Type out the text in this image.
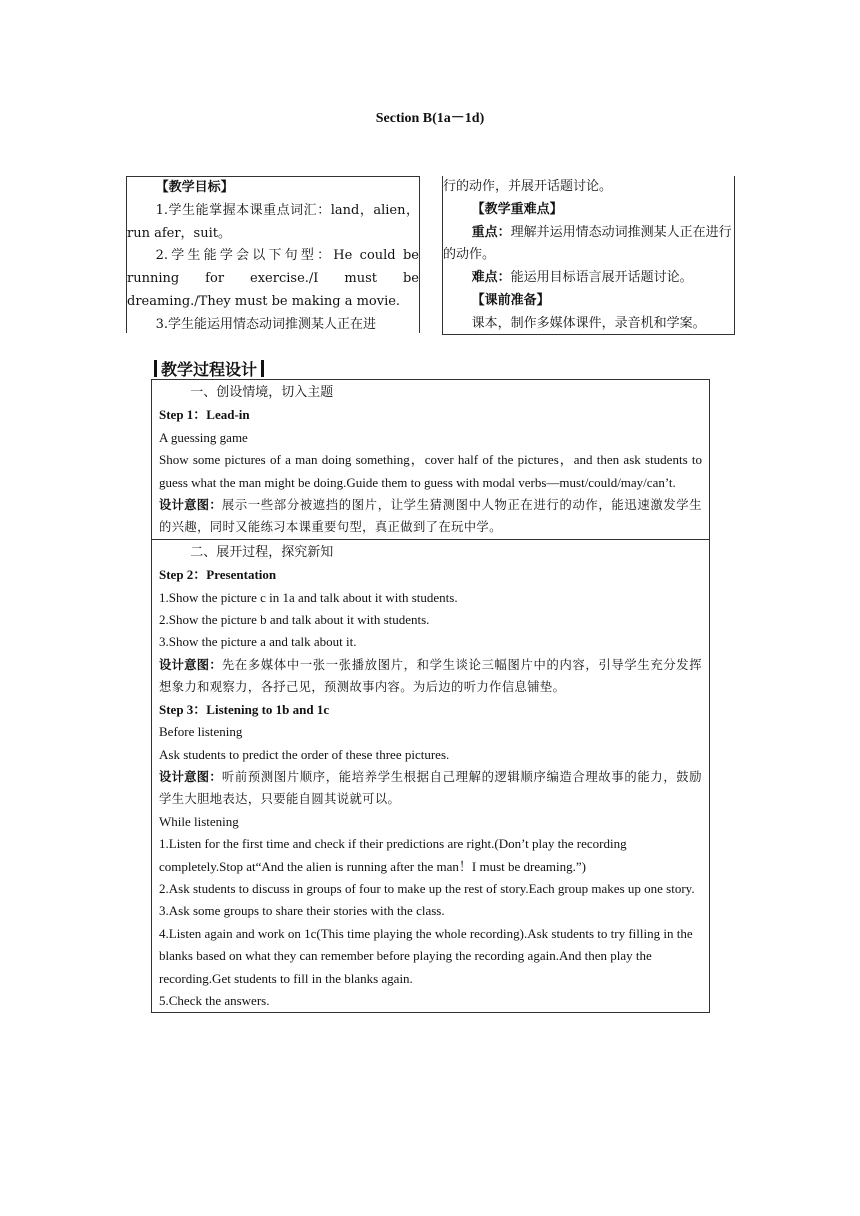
Section B(1a－1d)

【教学目标】

1.学生能掌握本课重点词汇：land，alien，run afer，suit。

2.学生能学会以下句型：He could be running for exercise./I must be dreaming./They must be making a movie.

3.学生能运用情态动词推测某人正在进

行的动作，并展开话题讨论。

【教学重难点】

重点：理解并运用情态动词推测某人正在进行的动作。

难点：能运用目标语言展开话题讨论。

【课前准备】

课本，制作多媒体课件，录音机和学案。

教学过程设计

一、创设情境，切入主题

Step 1：Lead-in

A guessing game

Show some pictures of a man doing something，cover half of the pictures，and then ask students to guess what the man might be doing.Guide them to guess with modal verbs—must/could/may/can’t.

设计意图：展示一些部分被遮挡的图片，让学生猜测图中人物正在进行的动作，能迅速激发学生的兴趣，同时又能练习本课重要句型，真正做到了在玩中学。

二、展开过程，探究新知

Step 2：Presentation

1.Show the picture c in 1a and talk about it with students.

2.Show the picture b and talk about it with students.

3.Show the picture a and talk about it.

设计意图：先在多媒体中一张一张播放图片，和学生谈论三幅图片中的内容，引导学生充分发挥想象力和观察力，各抒己见，预测故事内容。为后边的听力作信息铺垫。

Step 3：Listening to 1b and 1c

Before listening

Ask students to predict the order of these three pictures.

设计意图：听前预测图片顺序，能培养学生根据自己理解的逻辑顺序编造合理故事的能力，鼓励学生大胆地表达，只要能自圆其说就可以。

While listening

1.Listen for the first time and check if their predictions are right.(Don’t play the recording completely.Stop at“And the alien is running after the man！I must be dreaming.”)

2.Ask students to discuss in groups of four to make up the rest of story.Each group makes up one story.

3.Ask some groups to share their stories with the class.

4.Listen again and work on 1c(This time playing the whole recording).Ask students to try filling in the blanks based on what they can remember before playing the recording again.And then play the recording.Get students to fill in the blanks again.

5.Check the answers.
